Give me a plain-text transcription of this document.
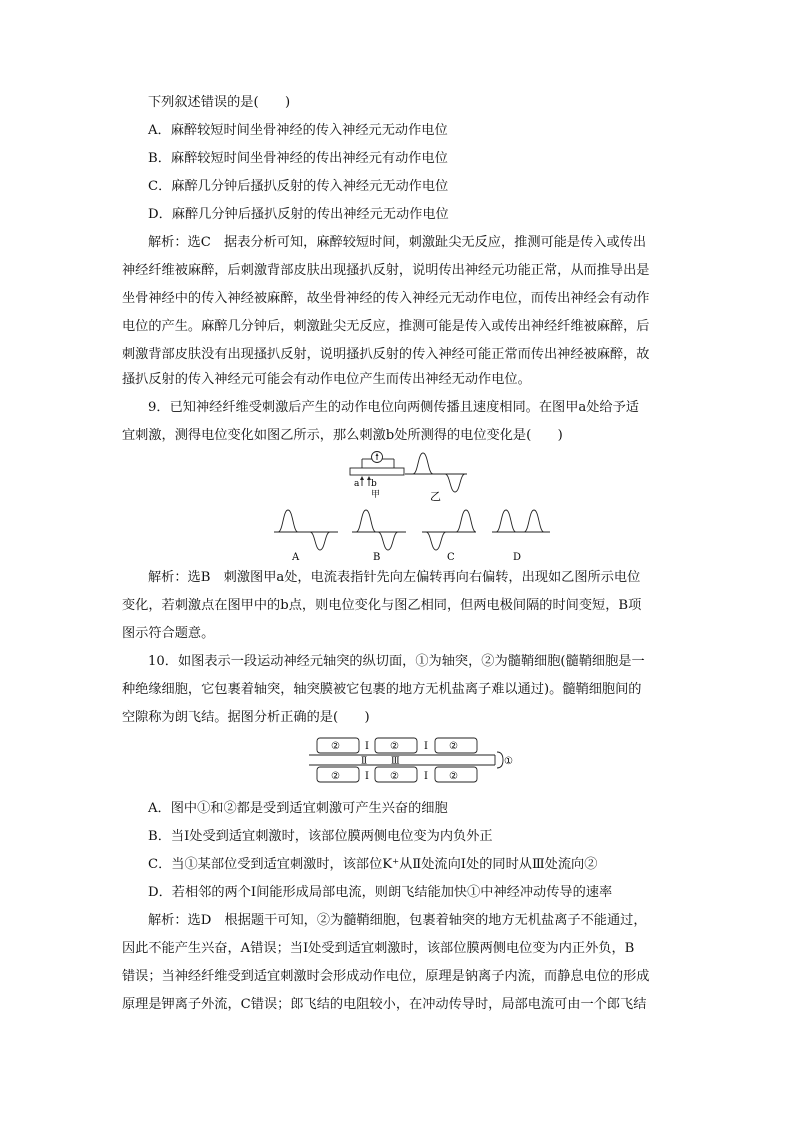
下列叙述错误的是(　　)
A．麻醉较短时间坐骨神经的传入神经元无动作电位
B．麻醉较短时间坐骨神经的传出神经元有动作电位
C．麻醉几分钟后搔扒反射的传入神经元无动作电位
D．麻醉几分钟后搔扒反射的传出神经元无动作电位
解析：选C　据表分析可知，麻醉较短时间，刺激趾尖无反应，推测可能是传入或传出
神经纤维被麻醉，后刺激背部皮肤出现搔扒反射，说明传出神经元功能正常，从而推导出是
坐骨神经中的传入神经被麻醉，故坐骨神经的传入神经元无动作电位，而传出神经会有动作
电位的产生。麻醉几分钟后，刺激趾尖无反应，推测可能是传入或传出神经纤维被麻醉，后
刺激背部皮肤没有出现搔扒反射，说明搔扒反射的传入神经可能正常而传出神经被麻醉，故
搔扒反射的传入神经元可能会有动作电位产生而传出神经无动作电位。
9．已知神经纤维受刺激后产生的动作电位向两侧传播且速度相同。在图甲a处给予适
宜刺激，测得电位变化如图乙所示，那么刺激b处所测得的电位变化是(　　)
a b
甲	乙
A	B	C	D
解析：选B　刺激图甲a处，电流表指针先向左偏转再向右偏转，出现如乙图所示电位
变化，若刺激点在图甲中的b点，则电位变化与图乙相同，但两电极间隔的时间变短，B项
图示符合题意。
10．如图表示一段运动神经元轴突的纵切面，①为轴突，②为髓鞘细胞(髓鞘细胞是一
种绝缘细胞，它包裹着轴突，轴突膜被它包裹的地方无机盐离子难以通过)。髓鞘细胞间的
空隙称为朗飞结。据图分析正确的是(　　)
②	②	②
②	②	②
Ⅰ	Ⅰ
Ⅰ	Ⅰ
Ⅱ	Ⅲ	①
A．图中①和②都是受到适宜刺激可产生兴奋的细胞
B．当Ⅰ处受到适宜刺激时，该部位膜两侧电位变为内负外正
C．当①某部位受到适宜刺激时，该部位K⁺从Ⅱ处流向Ⅰ处的同时从Ⅲ处流向②
D．若相邻的两个Ⅰ间能形成局部电流，则朗飞结能加快①中神经冲动传导的速率
解析：选D　根据题干可知，②为髓鞘细胞，包裹着轴突的地方无机盐离子不能通过，
因此不能产生兴奋，A错误；当Ⅰ处受到适宜刺激时，该部位膜两侧电位变为内正外负，B
错误；当神经纤维受到适宜刺激时会形成动作电位，原理是钠离子内流，而静息电位的形成
原理是钾离子外流，C错误；郎飞结的电阻较小，在冲动传导时，局部电流可由一个郎飞结
